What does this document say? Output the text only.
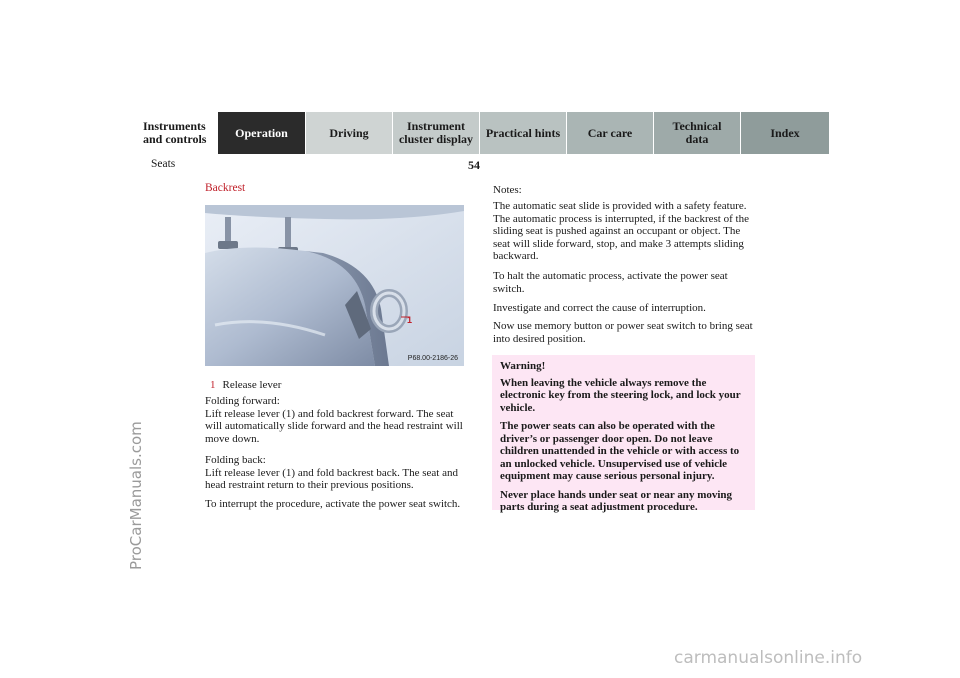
Instruments
and controls Operation	Driving	Instrument
cluster display Practical hints Car care	Technical
data	Index
Seats	54
Backrest
1
P68.00-2186-26
1 Release lever

Folding forward:
Lift release lever (1) and fold backrest forward. The seat will automatically slide forward and the head restraint will move down.

Folding back:
Lift release lever (1) and fold backrest back. The seat and head restraint return to their previous positions.

To interrupt the procedure, activate the power seat switch.

Notes:

The automatic seat slide is provided with a safety feature. The automatic process is interrupted, if the backrest of the sliding seat is pushed against an occupant or object. The seat will slide forward, stop, and make 3 attempts sliding backward.

To halt the automatic process, activate the power seat switch.

Investigate and correct the cause of interruption.

Now use memory button or power seat switch to bring seat into desired position.

Warning!

When leaving the vehicle always remove the electronic key from the steering lock, and lock your vehicle.

The power seats can also be operated with the driver’s or passenger door open. Do not leave children unattended in the vehicle or with access to an unlocked vehicle. Unsupervised use of vehicle equipment may cause serious personal injury.

Never place hands under seat or near any moving parts during a seat adjustment procedure.

ProCarManuals.com
carmanualsonline.info
